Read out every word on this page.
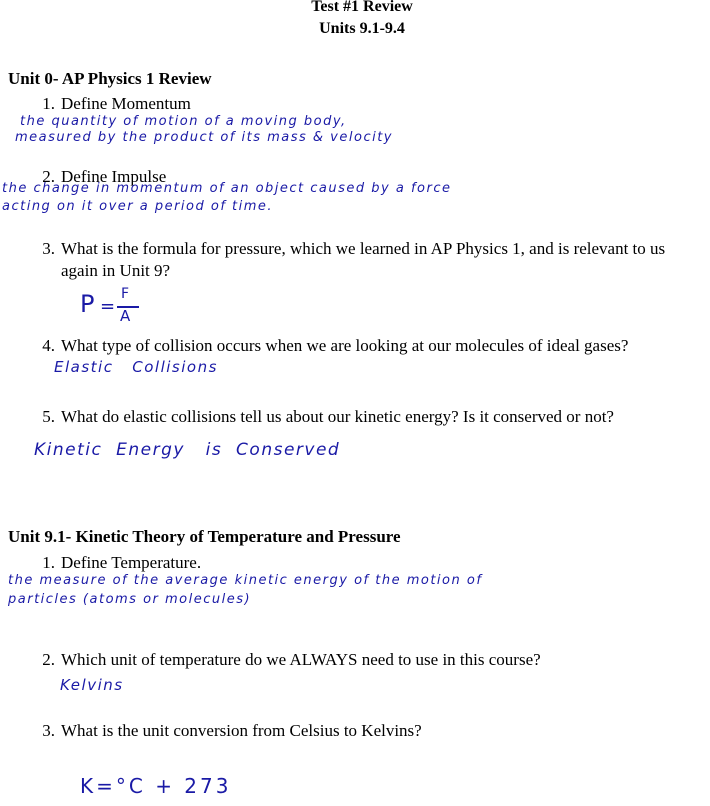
Test #1 Review
Units 9.1-9.4
Unit 0- AP Physics 1 Review
1. Define Momentum
the quantity of motion of a moving body,
measured by the product of its mass & velocity
2. Define Impulse
the change in momentum of an object caused by a force
acting on it over a period of time.
3. What is the formula for pressure, which we learned in AP Physics 1, and is relevant to us again in Unit 9?
P =
F
A
4. What type of collision occurs when we are looking at our molecules of ideal gases?
Elastic   Collisions
5. What do elastic collisions tell us about our kinetic energy? Is it conserved or not?
Kinetic  Energy   is  Conserved
Unit 9.1- Kinetic Theory of Temperature and Pressure
1. Define Temperature.
the measure of the average kinetic energy of the motion of
particles (atoms or molecules)
2. Which unit of temperature do we ALWAYS need to use in this course?
Kelvins
3. What is the unit conversion from Celsius to Kelvins?
K=°C + 273
